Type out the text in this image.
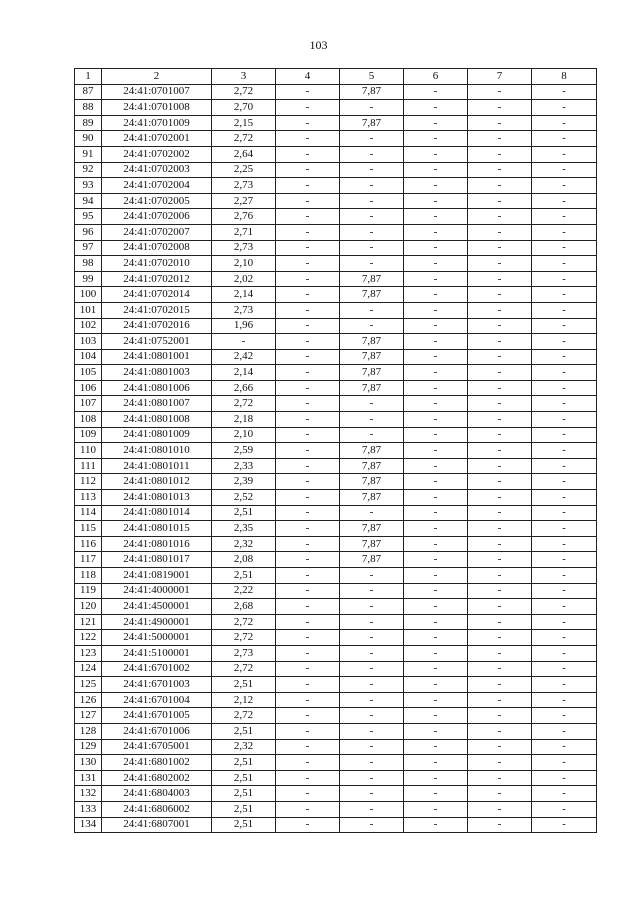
103
1	2	3	4	5	6	7	8
87	24:41:0701007	2,72	-	7,87	-	-	-
88	24:41:0701008	2,70	-	-	-	-	-
89	24:41:0701009	2,15	-	7,87	-	-	-
90	24:41:0702001	2,72	-	-	-	-	-
91	24:41:0702002	2,64	-	-	-	-	-
92	24:41:0702003	2,25	-	-	-	-	-
93	24:41:0702004	2,73	-	-	-	-	-
94	24:41:0702005	2,27	-	-	-	-	-
95	24:41:0702006	2,76	-	-	-	-	-
96	24:41:0702007	2,71	-	-	-	-	-
97	24:41:0702008	2,73	-	-	-	-	-
98	24:41:0702010	2,10	-	-	-	-	-
99	24:41:0702012	2,02	-	7,87	-	-	-
100	24:41:0702014	2,14	-	7,87	-	-	-
101	24:41:0702015	2,73	-	-	-	-	-
102	24:41:0702016	1,96	-	-	-	-	-
103	24:41:0752001	-	-	7,87	-	-	-
104	24:41:0801001	2,42	-	7,87	-	-	-
105	24:41:0801003	2,14	-	7,87	-	-	-
106	24:41:0801006	2,66	-	7,87	-	-	-
107	24:41:0801007	2,72	-	-	-	-	-
108	24:41:0801008	2,18	-	-	-	-	-
109	24:41:0801009	2,10	-	-	-	-	-
110	24:41:0801010	2,59	-	7,87	-	-	-
111	24:41:0801011	2,33	-	7,87	-	-	-
112	24:41:0801012	2,39	-	7,87	-	-	-
113	24:41:0801013	2,52	-	7,87	-	-	-
114	24:41:0801014	2,51	-	-	-	-	-
115	24:41:0801015	2,35	-	7,87	-	-	-
116	24:41:0801016	2,32	-	7,87	-	-	-
117	24:41:0801017	2,08	-	7,87	-	-	-
118	24:41:0819001	2,51	-	-	-	-	-
119	24:41:4000001	2,22	-	-	-	-	-
120	24:41:4500001	2,68	-	-	-	-	-
121	24:41:4900001	2,72	-	-	-	-	-
122	24:41:5000001	2,72	-	-	-	-	-
123	24:41:5100001	2,73	-	-	-	-	-
124	24:41:6701002	2,72	-	-	-	-	-
125	24:41:6701003	2,51	-	-	-	-	-
126	24:41:6701004	2,12	-	-	-	-	-
127	24:41:6701005	2,72	-	-	-	-	-
128	24:41:6701006	2,51	-	-	-	-	-
129	24:41:6705001	2,32	-	-	-	-	-
130	24:41:6801002	2,51	-	-	-	-	-
131	24:41:6802002	2,51	-	-	-	-	-
132	24:41:6804003	2,51	-	-	-	-	-
133	24:41:6806002	2,51	-	-	-	-	-
134	24:41:6807001	2,51	-	-	-	-	-
